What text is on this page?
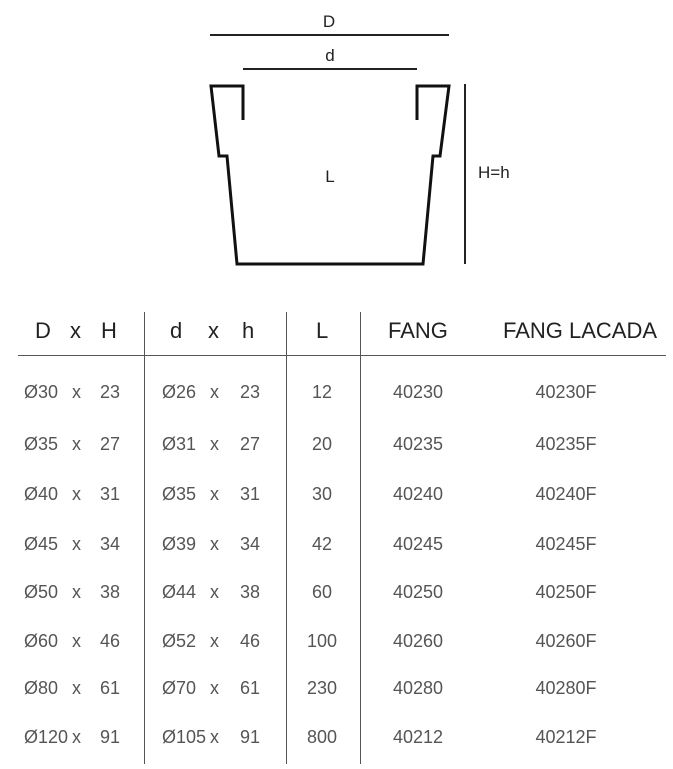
D
d
L	H=h
D x H d x h	L	FANG	FANG LACADA
Ø30 x 23 Ø26 x 23	12	40230	40230F
Ø35 x 27 Ø31 x 27	20	40235	40235F
Ø40 x 31 Ø35 x 31	30	40240	40240F
Ø45 x 34 Ø39 x 34	42	40245	40245F
Ø50 x 38 Ø44 x 38	60	40250	40250F
Ø60 x 46 Ø52 x 46	100	40260	40260F
Ø80 x 61 Ø70 x 61	230	40280	40280F
Ø120 x 91 Ø105 x 91	800	40212	40212F
